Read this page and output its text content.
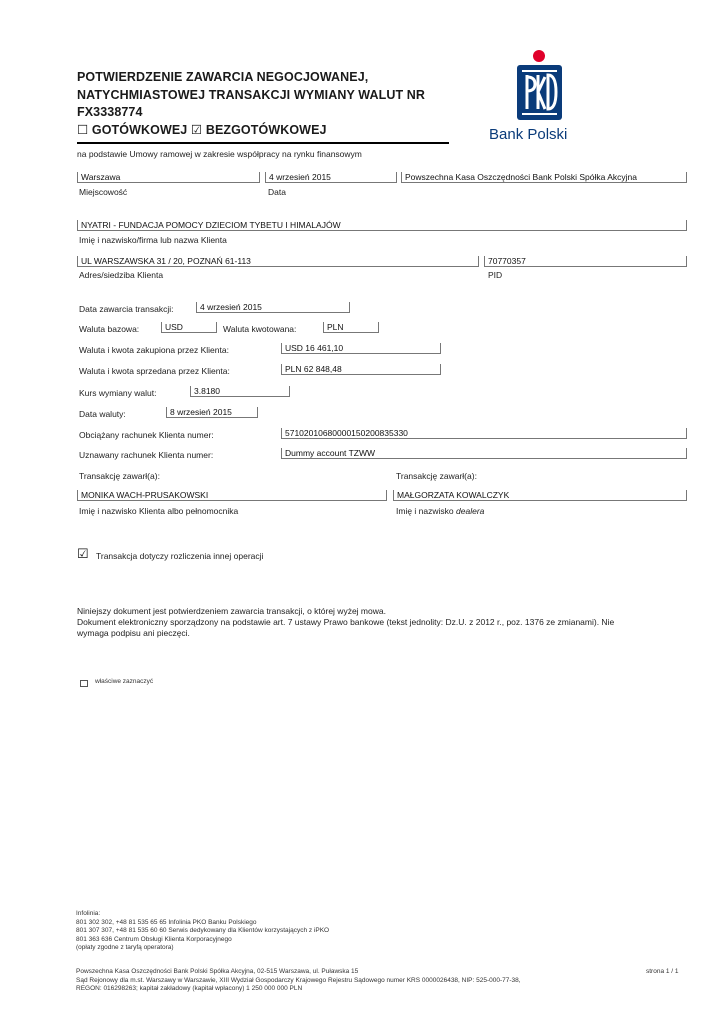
POTWIERDZENIE ZAWARCIA NEGOCJOWANEJ,
NATYCHMIASTOWEJ TRANSAKCJI WYMIANY WALUT NR
FX3338774
☐ GOTÓWKOWEJ ☑ BEZGOTÓWKOWEJ
na podstawie Umowy ramowej w zakresie współpracy na rynku finansowym
Bank Polski
Warszawa	4 wrzesień 2015	Powszechna Kasa Oszczędności Bank Polski Spółka Akcyjna
Miejscowość	Data
NYATRI - FUNDACJA POMOCY DZIECIOM TYBETU I HIMALAJÓW
Imię i nazwisko/firma lub nazwa Klienta
UL WARSZAWSKA 31 / 20, POZNAŃ 61-113	70770357
Adres/siedziba Klienta	PID
Data zawarcia transakcji:	4 wrzesień 2015
Waluta bazowa:	USD	Waluta kwotowana:	PLN
Waluta i kwota zakupiona przez Klienta:	USD 16 461,10
Waluta i kwota sprzedana przez Klienta:	PLN 62 848,48
Kurs wymiany walut:	3.8180
Data waluty:	8 wrzesień 2015
Obciążany rachunek Klienta numer:	57102010680000150200835330
Uznawany rachunek Klienta numer:	Dummy account TZWW
Transakcję zawarł(a):	Transakcję zawarł(a):
MONIKA WACH-PRUSAKOWSKI	MAŁGORZATA KOWALCZYK
Imię i nazwisko Klienta albo pełnomocnika	Imię i nazwisko dealera
☑ Transakcja dotyczy rozliczenia innej operacji

Niniejszy dokument jest potwierdzeniem zawarcia transakcji, o której wyżej mowa.

Dokument elektroniczny sporządzony na podstawie art. 7 ustawy Prawo bankowe (tekst jednolity: Dz.U. z 2012 r., poz. 1376 ze zmianami). Nie

wymaga podpisu ani pieczęci.

właściwe zaznaczyć

Infolinia:

801 302 302, +48 81 535 65 65 Infolinia PKO Banku Polskiego

801 307 307, +48 81 535 60 60 Serwis dedykowany dla Klientów korzystających z iPKO

801 363 636 Centrum Obsługi Klienta Korporacyjnego

(opłaty zgodne z taryfą operatora)

Powszechna Kasa Oszczędności Bank Polski Spółka Akcyjna, 02-515 Warszawa, ul. Puławska 15

Sąd Rejonowy dla m.st. Warszawy w Warszawie, XIII Wydział Gospodarczy Krajowego Rejestru Sądowego numer KRS 0000026438, NIP: 525-000-77-38,

REGON: 016298263; kapitał zakładowy (kapitał wpłacony) 1 250 000 000 PLN

strona 1 / 1
